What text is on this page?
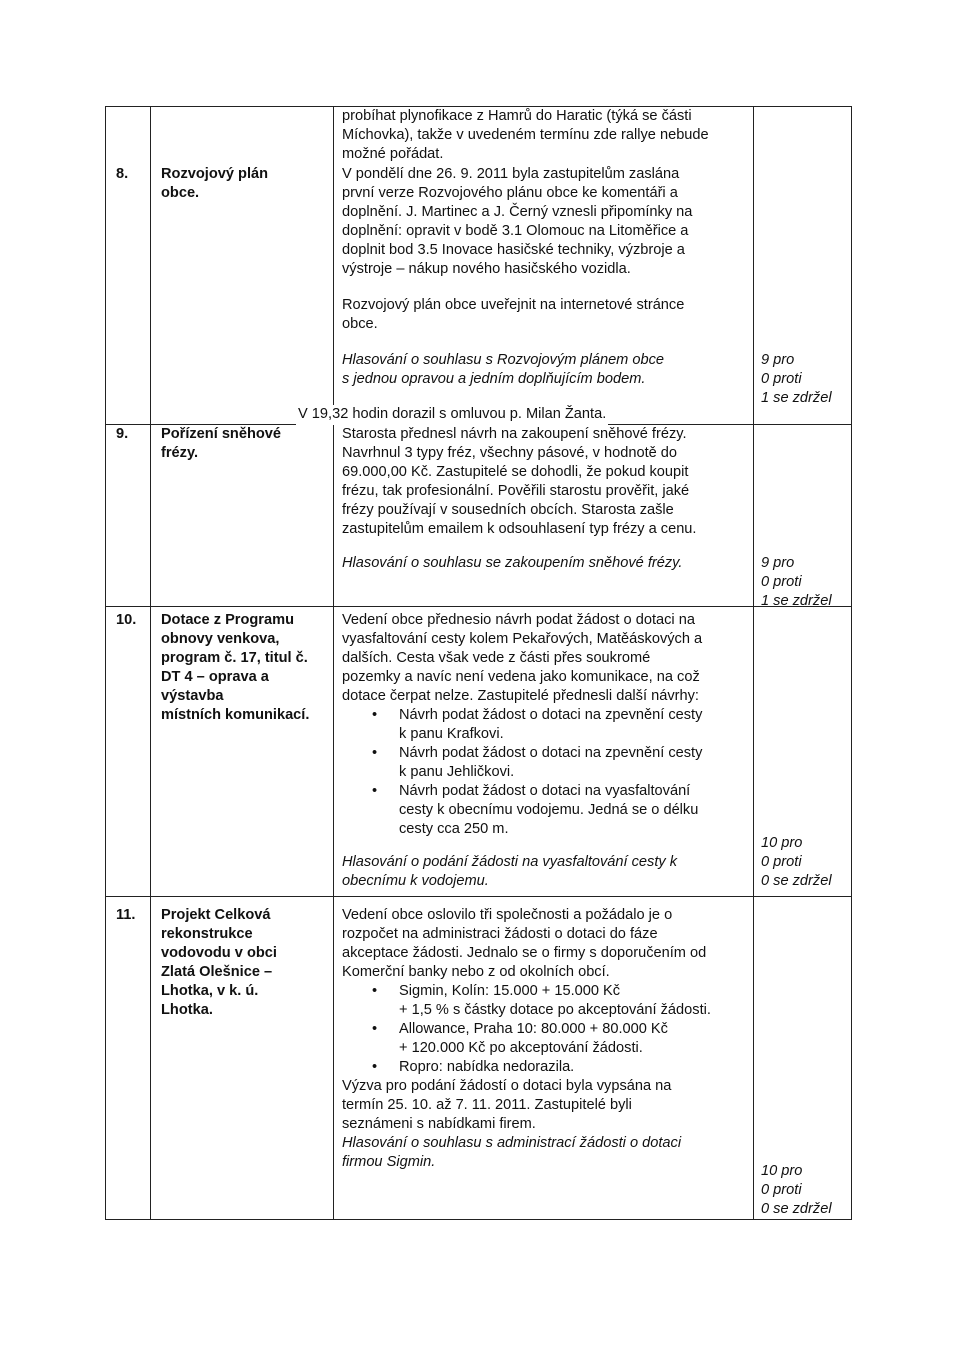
probíhat plynofikace z Hamrů do Haratic (týká se části
Míchovka), takže v uvedeném termínu zde rallye nebude
možné pořádat.
8. Rozvojový plán
obce.
V pondělí dne 26. 9. 2011 byla zastupitelům zaslána
první verze Rozvojového plánu obce ke komentáři a
doplnění. J. Martinec a J. Černý vznesli připomínky na
doplnění: opravit v bodě 3.1 Olomouc na Litoměřice a
doplnit bod 3.5 Inovace hasičské techniky, výzbroje a
výstroje – nákup nového hasičského vozidla.
Rozvojový plán obce uveřejnit na internetové stránce
obce.
Hlasování o souhlasu s Rozvojovým plánem obce
s jednou opravou a jedním doplňujícím bodem.
9 pro
0 proti
1 se zdržel
V 19,32 hodin dorazil s omluvou p. Milan Žanta.
9. Pořízení sněhové
frézy.
Starosta přednesl návrh na zakoupení sněhové frézy.
Navrhnul 3 typy fréz, všechny pásové, v hodnotě do
69.000,00 Kč. Zastupitelé se dohodli, že pokud koupit
frézu, tak profesionální. Pověřili starostu prověřit, jaké
frézy používají v sousedních obcích. Starosta zašle
zastupitelům emailem k odsouhlasení typ frézy a cenu.
Hlasování o souhlasu se zakoupením sněhové frézy.	9 pro
0 proti
1 se zdržel
10. Dotace z Programu
obnovy venkova,
program č. 17, titul č.
DT 4 – oprava a
výstavba
místních komunikací.
Vedení obce přednesio návrh podat žádost o dotaci na
vyasfaltování cesty kolem Pekařových, Matěáskových a
dalších. Cesta však vede z části přes soukromé
pozemky a navíc není vedena jako komunikace, na což
dotace čerpat nelze. Zastupitelé přednesli další návrhy:
• Návrh podat žádost o dotaci na zpevnění cesty
k panu Krafkovi.
• Návrh podat žádost o dotaci na zpevnění cesty
k panu Jehličkovi.
• Návrh podat žádost o dotaci na vyasfaltování
cesty k obecnímu vodojemu. Jedná se o délku
cesty cca 250 m.
Hlasování o podání žádosti na vyasfaltování cesty k
obecnímu k vodojemu.
10 pro
0 proti
0 se zdržel
11. Projekt Celková
rekonstrukce
vodovodu v obci
Zlatá Olešnice –
Lhotka, v k. ú.
Lhotka.
Vedení obce oslovilo tři společnosti a požádalo je o
rozpočet na administraci žádosti o dotaci do fáze
akceptace žádosti. Jednalo se o firmy s doporučením od
Komerční banky nebo z od okolních obcí.
• Sigmin, Kolín: 15.000 + 15.000 Kč
+ 1,5 % s částky dotace po akceptování žádosti.
• Allowance, Praha 10: 80.000 + 80.000 Kč
+ 120.000 Kč po akceptování žádosti.
• Ropro: nabídka nedorazila.
Výzva pro podání žádostí o dotaci byla vypsána na
termín 25. 10. až 7. 11. 2011. Zastupitelé byli
seznámeni s nabídkami firem.
Hlasování o souhlasu s administrací žádosti o dotaci
firmou Sigmin.
10 pro
0 proti
0 se zdržel
